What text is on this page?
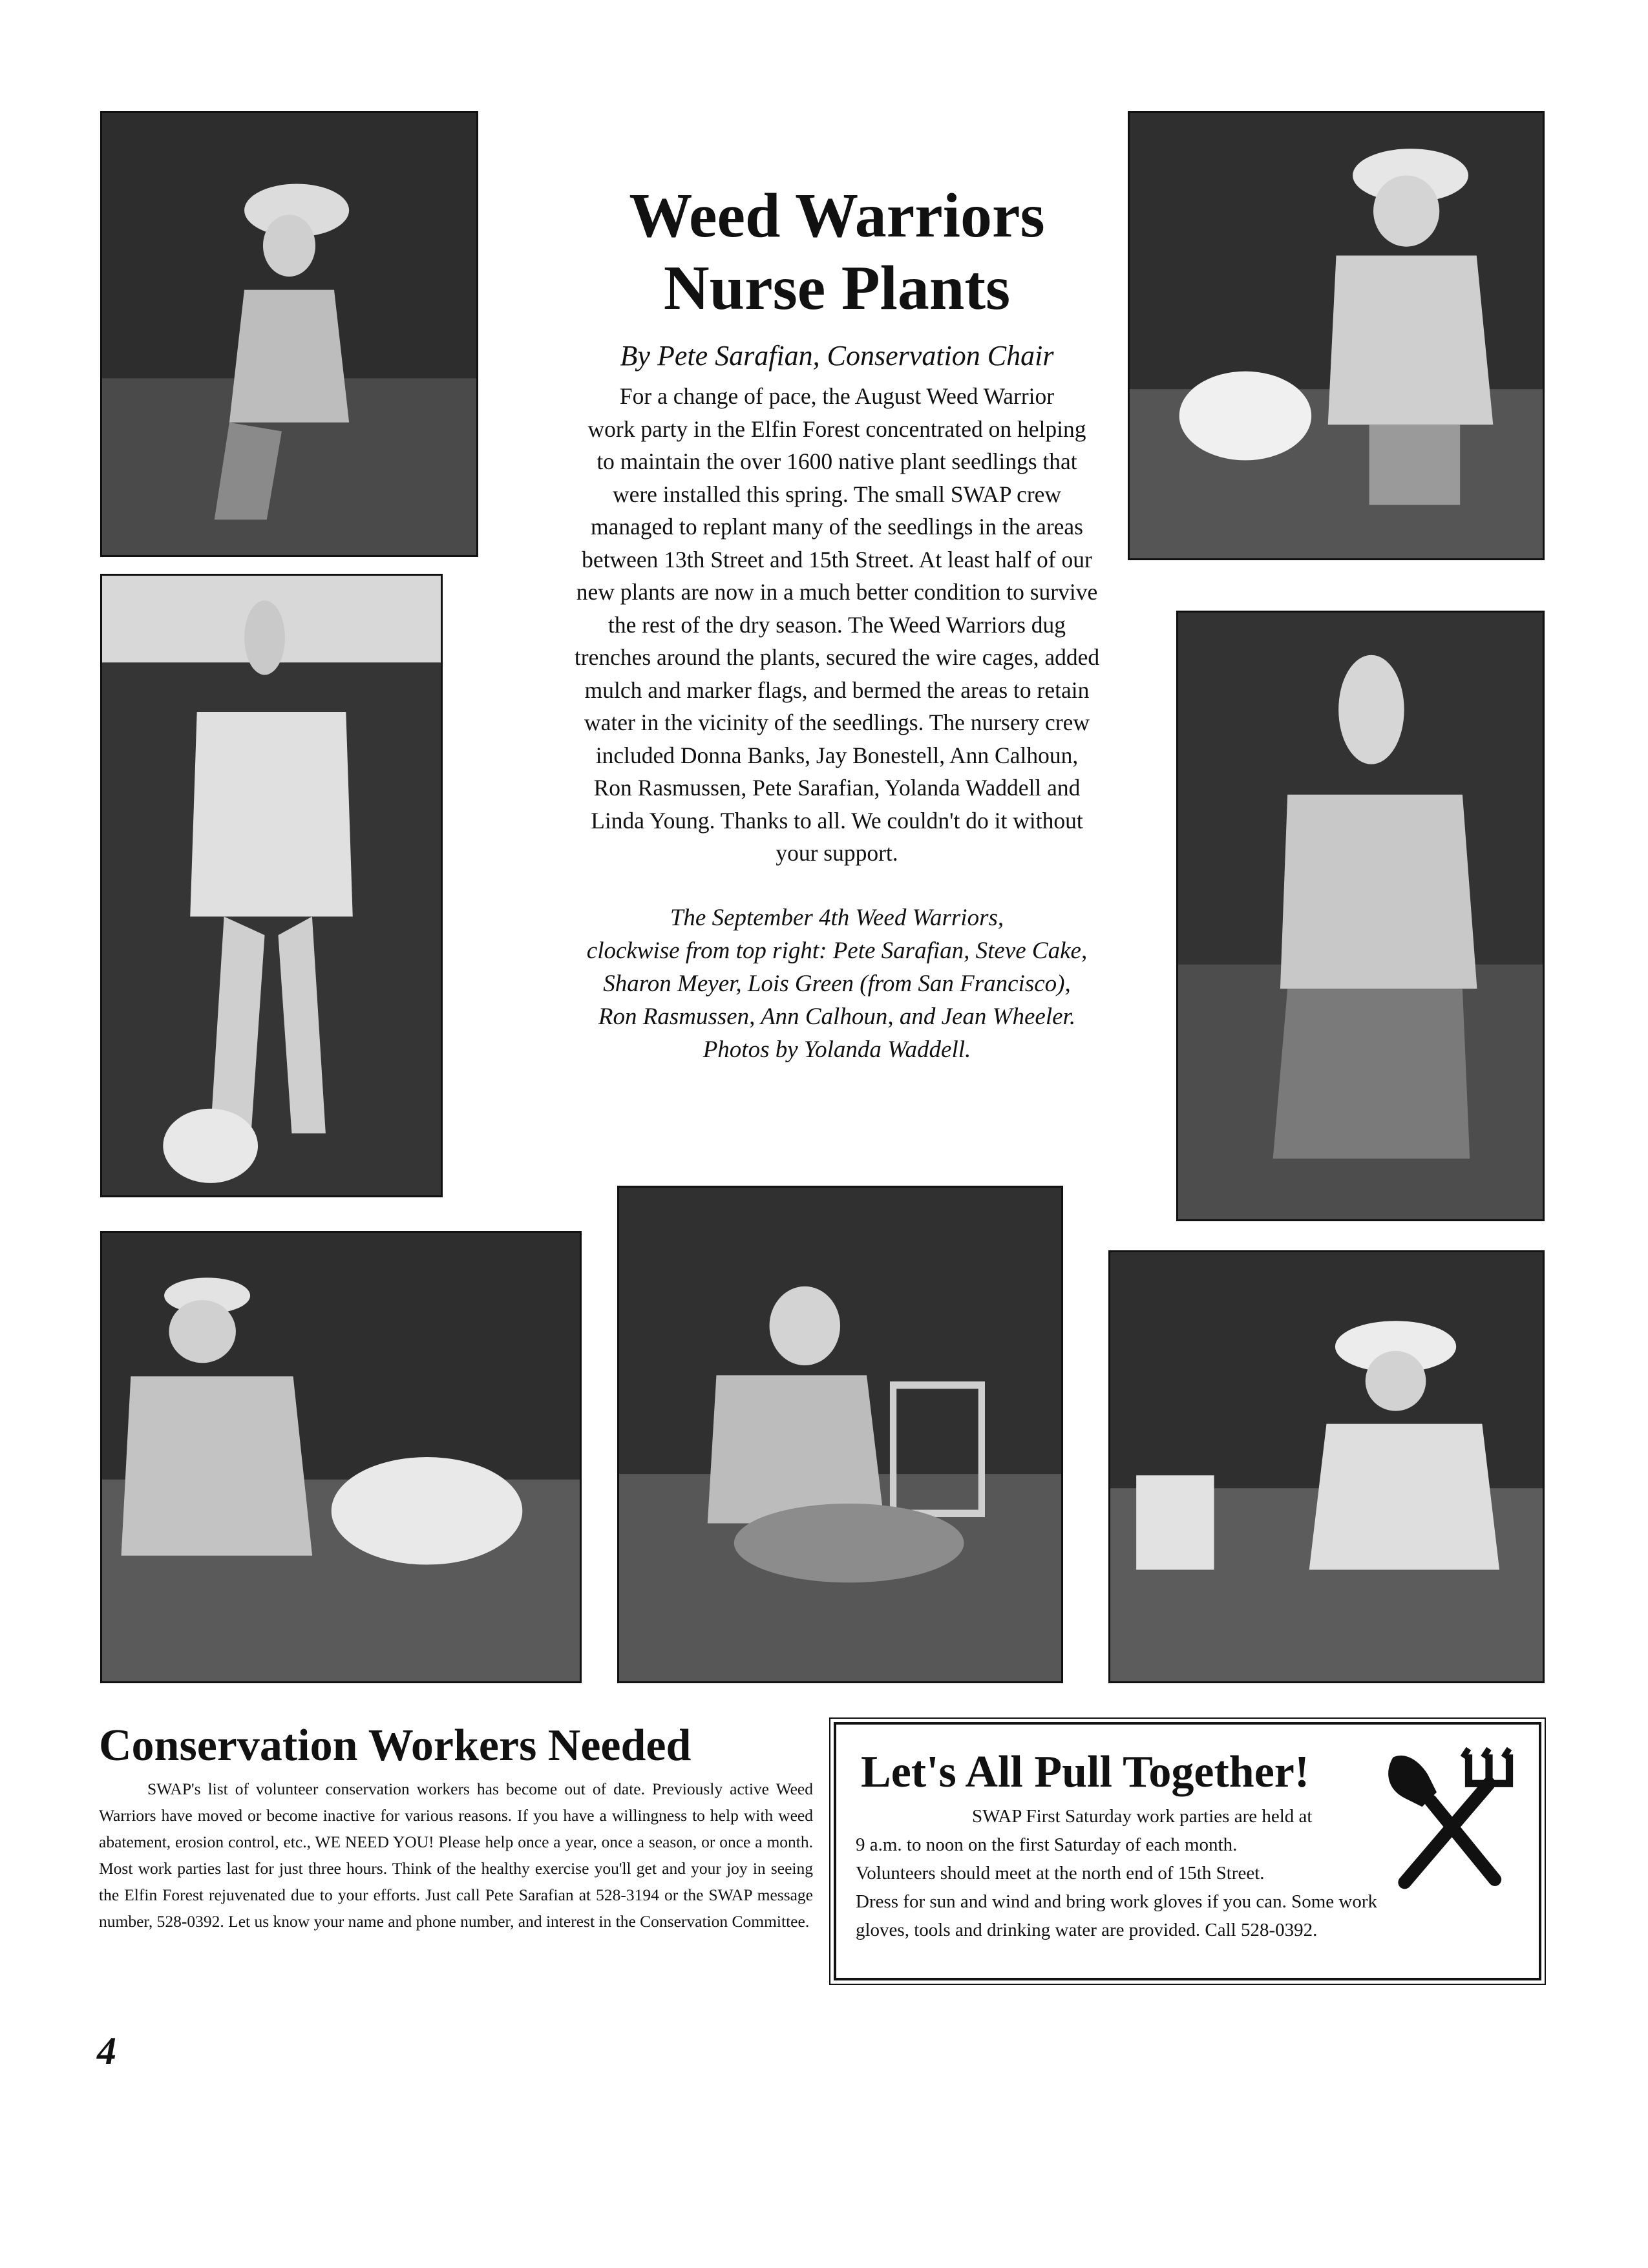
Weed Warriors
Nurse Plants
By Pete Sarafian, Conservation Chair
For a change of pace, the August Weed Warrior
work party in the Elfin Forest concentrated on helping
to maintain the over 1600 native plant seedlings that
were installed this spring. The small SWAP crew
managed to replant many of the seedlings in the areas
between 13th Street and 15th Street. At least half of our
new plants are now in a much better condition to survive
the rest of the dry season. The Weed Warriors dug
trenches around the plants, secured the wire cages, added
mulch and marker flags, and bermed the areas to retain
water in the vicinity of the seedlings. The nursery crew
included Donna Banks, Jay Bonestell, Ann Calhoun,
Ron Rasmussen, Pete Sarafian, Yolanda Waddell and
Linda Young. Thanks to all. We couldn't do it without
your support.
The September 4th Weed Warriors,
clockwise from top right: Pete Sarafian, Steve Cake,
Sharon Meyer, Lois Green (from San Francisco),
Ron Rasmussen, Ann Calhoun, and Jean Wheeler.
Photos by Yolanda Waddell.
Conservation Workers Needed
SWAP's list of volunteer conservation workers has become out of date. Previously active Weed Warriors have moved or become inactive for various reasons. If you have a willingness to help with weed abatement, erosion control, etc., WE NEED YOU! Please help once a year, once a season, or once a month. Most work parties last for just three hours. Think of the healthy exercise you'll get and your joy in seeing the Elfin Forest rejuvenated due to your efforts. Just call Pete Sarafian at 528-3194 or the SWAP message number, 528-0392. Let us know your name and phone number, and interest in the Conservation Committee.
Let's All Pull Together!
SWAP First Saturday work parties are held at
9 a.m. to noon on the first Saturday of each month.
Volunteers should meet at the north end of 15th Street.
Dress for sun and wind and bring work gloves if you can. Some work
gloves, tools and drinking water are provided. Call 528-0392.
4
